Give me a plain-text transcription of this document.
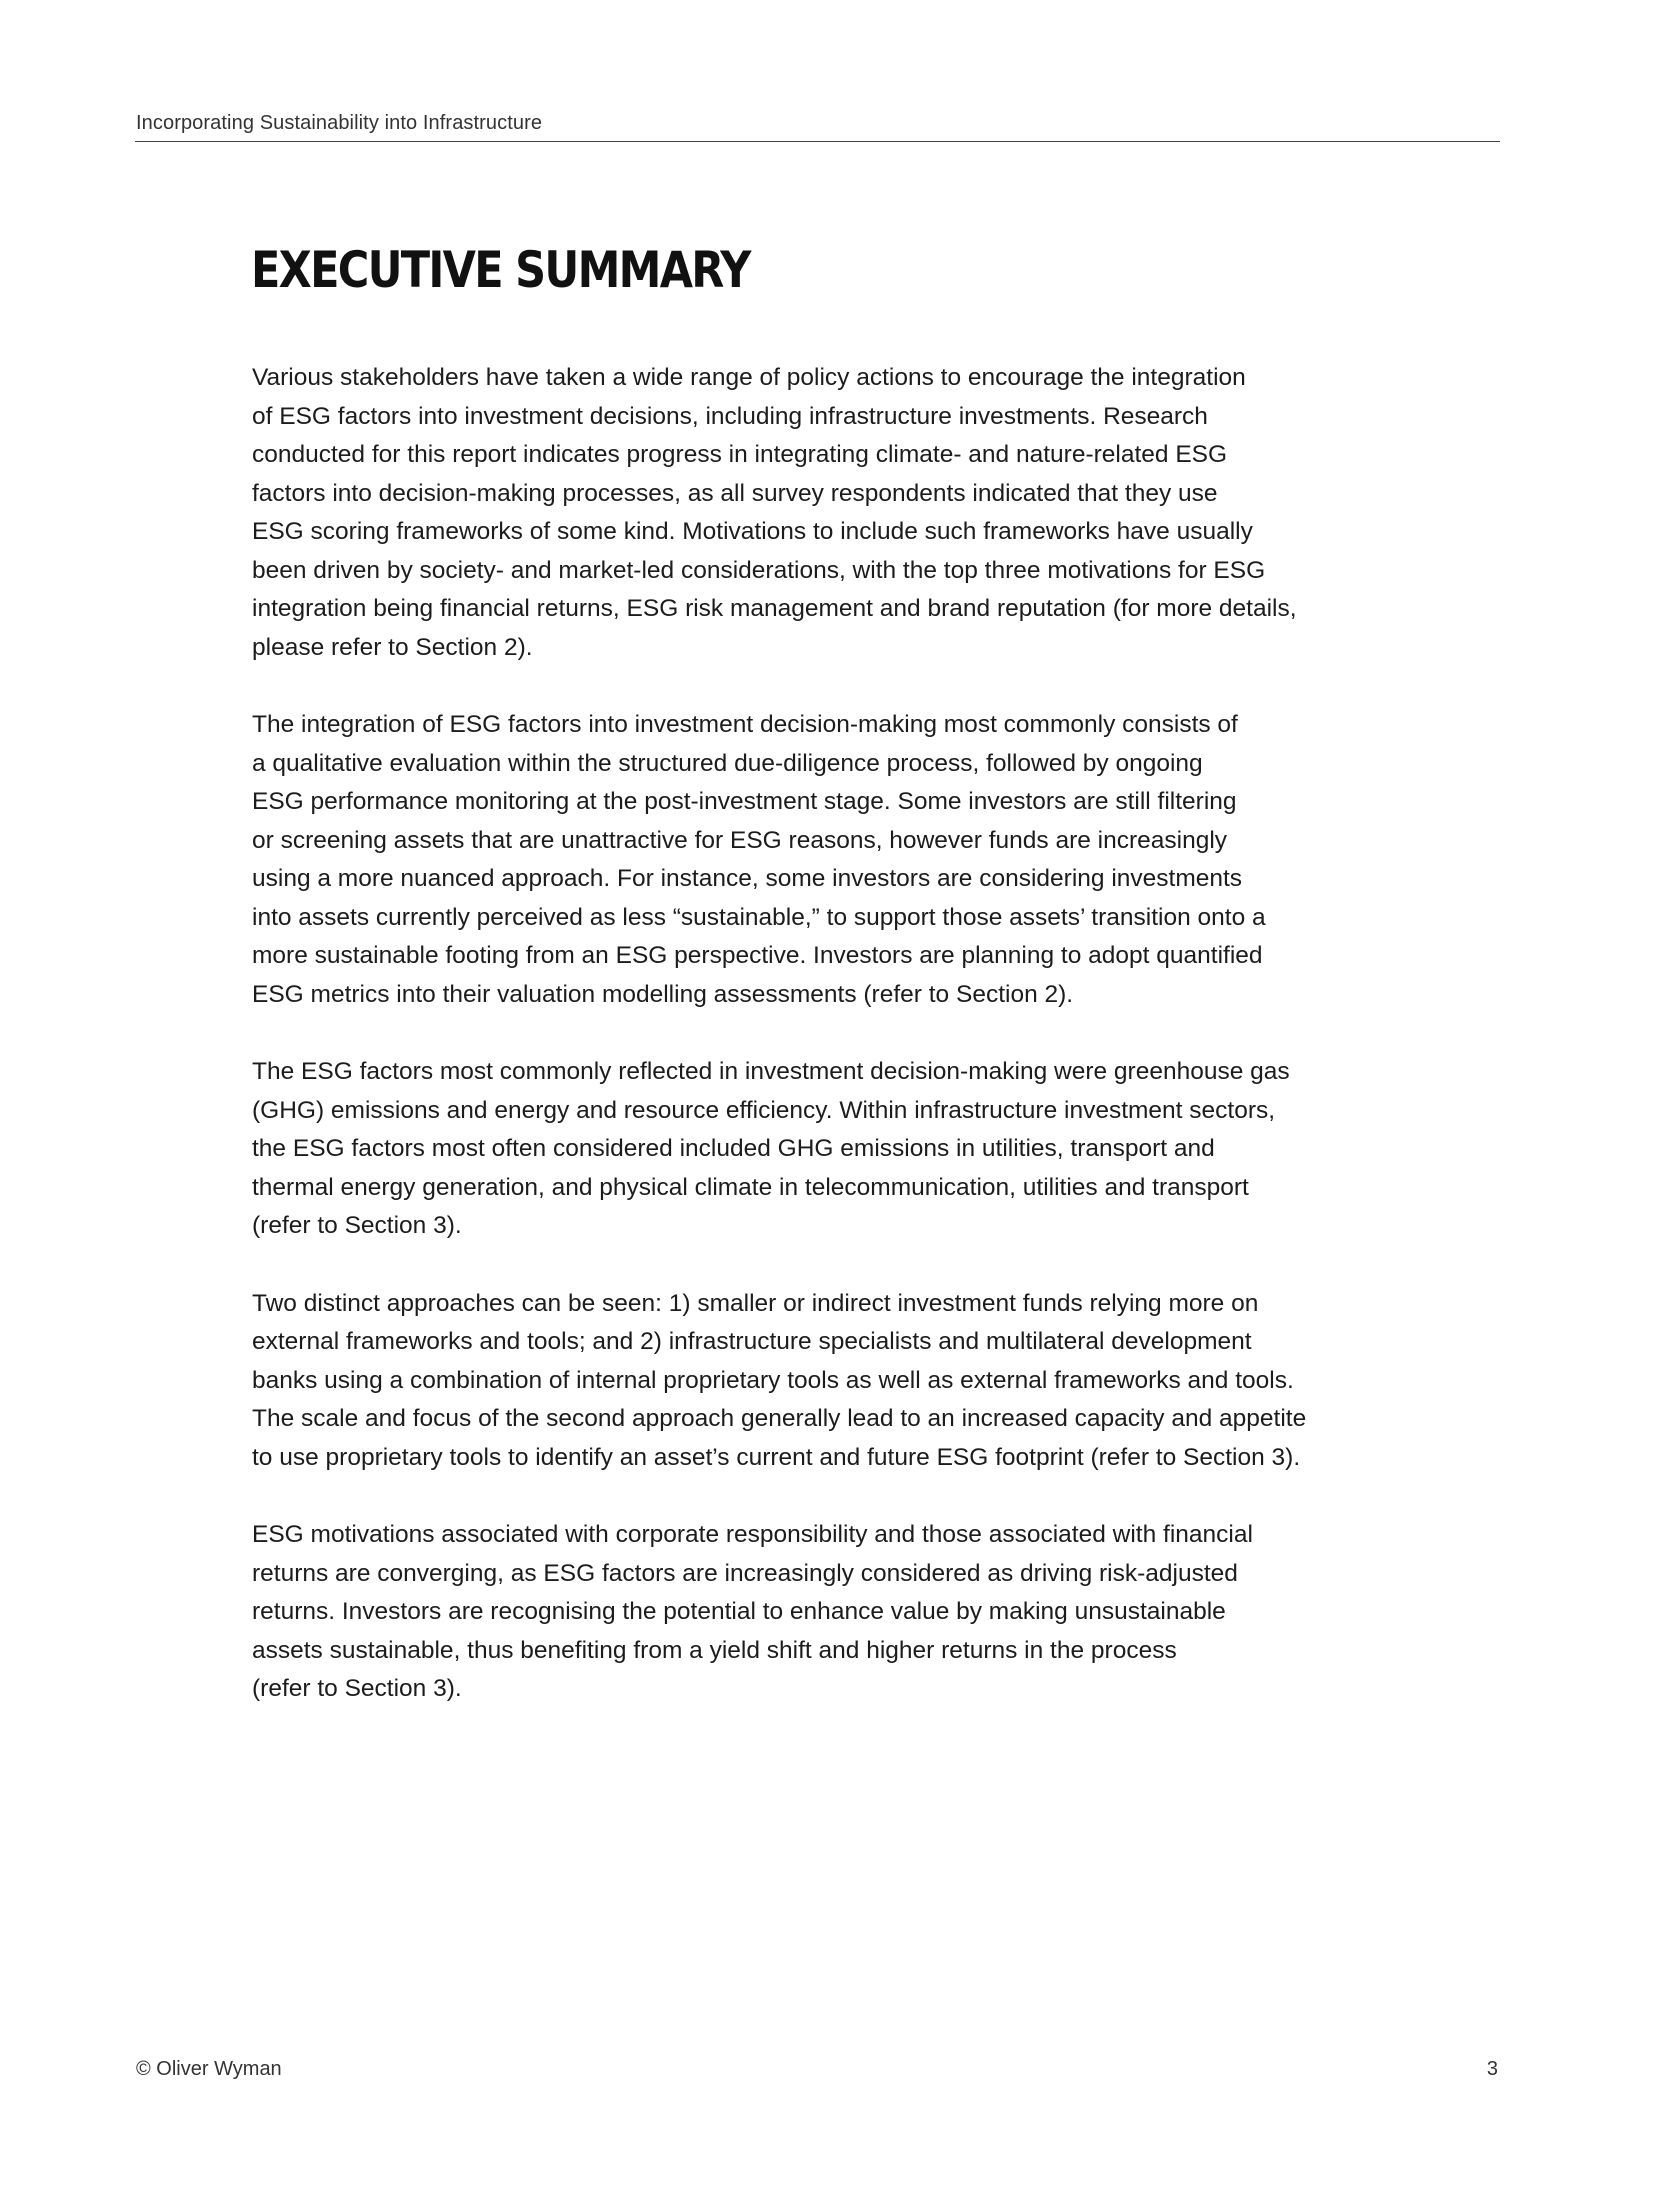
Incorporating Sustainability into Infrastructure
EXECUTIVE SUMMARY

Various stakeholders have taken a wide range of policy actions to encourage the integration
of ESG factors into investment decisions, including infrastructure investments. Research
conducted for this report indicates progress in integrating climate- and nature-related ESG
factors into decision-making processes, as all survey respondents indicated that they use
ESG scoring frameworks of some kind. Motivations to include such frameworks have usually
been driven by society- and market-led considerations, with the top three motivations for ESG
integration being financial returns, ESG risk management and brand reputation (for more details,
please refer to Section 2).

The integration of ESG factors into investment decision-making most commonly consists of
a qualitative evaluation within the structured due-diligence process, followed by ongoing
ESG performance monitoring at the post-investment stage. Some investors are still filtering
or screening assets that are unattractive for ESG reasons, however funds are increasingly
using a more nuanced approach. For instance, some investors are considering investments
into assets currently perceived as less “sustainable,” to support those assets’ transition onto a
more sustainable footing from an ESG perspective. Investors are planning to adopt quantified
ESG metrics into their valuation modelling assessments (refer to Section 2).

The ESG factors most commonly reflected in investment decision-making were greenhouse gas
(GHG) emissions and energy and resource efficiency. Within infrastructure investment sectors,
the ESG factors most often considered included GHG emissions in utilities, transport and
thermal energy generation, and physical climate in telecommunication, utilities and transport
(refer to Section 3).

Two distinct approaches can be seen: 1) smaller or indirect investment funds relying more on
external frameworks and tools; and 2) infrastructure specialists and multilateral development
banks using a combination of internal proprietary tools as well as external frameworks and tools.
The scale and focus of the second approach generally lead to an increased capacity and appetite
to use proprietary tools to identify an asset’s current and future ESG footprint (refer to Section 3).

ESG motivations associated with corporate responsibility and those associated with financial
returns are converging, as ESG factors are increasingly considered as driving risk-adjusted
returns. Investors are recognising the potential to enhance value by making unsustainable
assets sustainable, thus benefiting from a yield shift and higher returns in the process
(refer to Section 3).

© Oliver Wyman	3
